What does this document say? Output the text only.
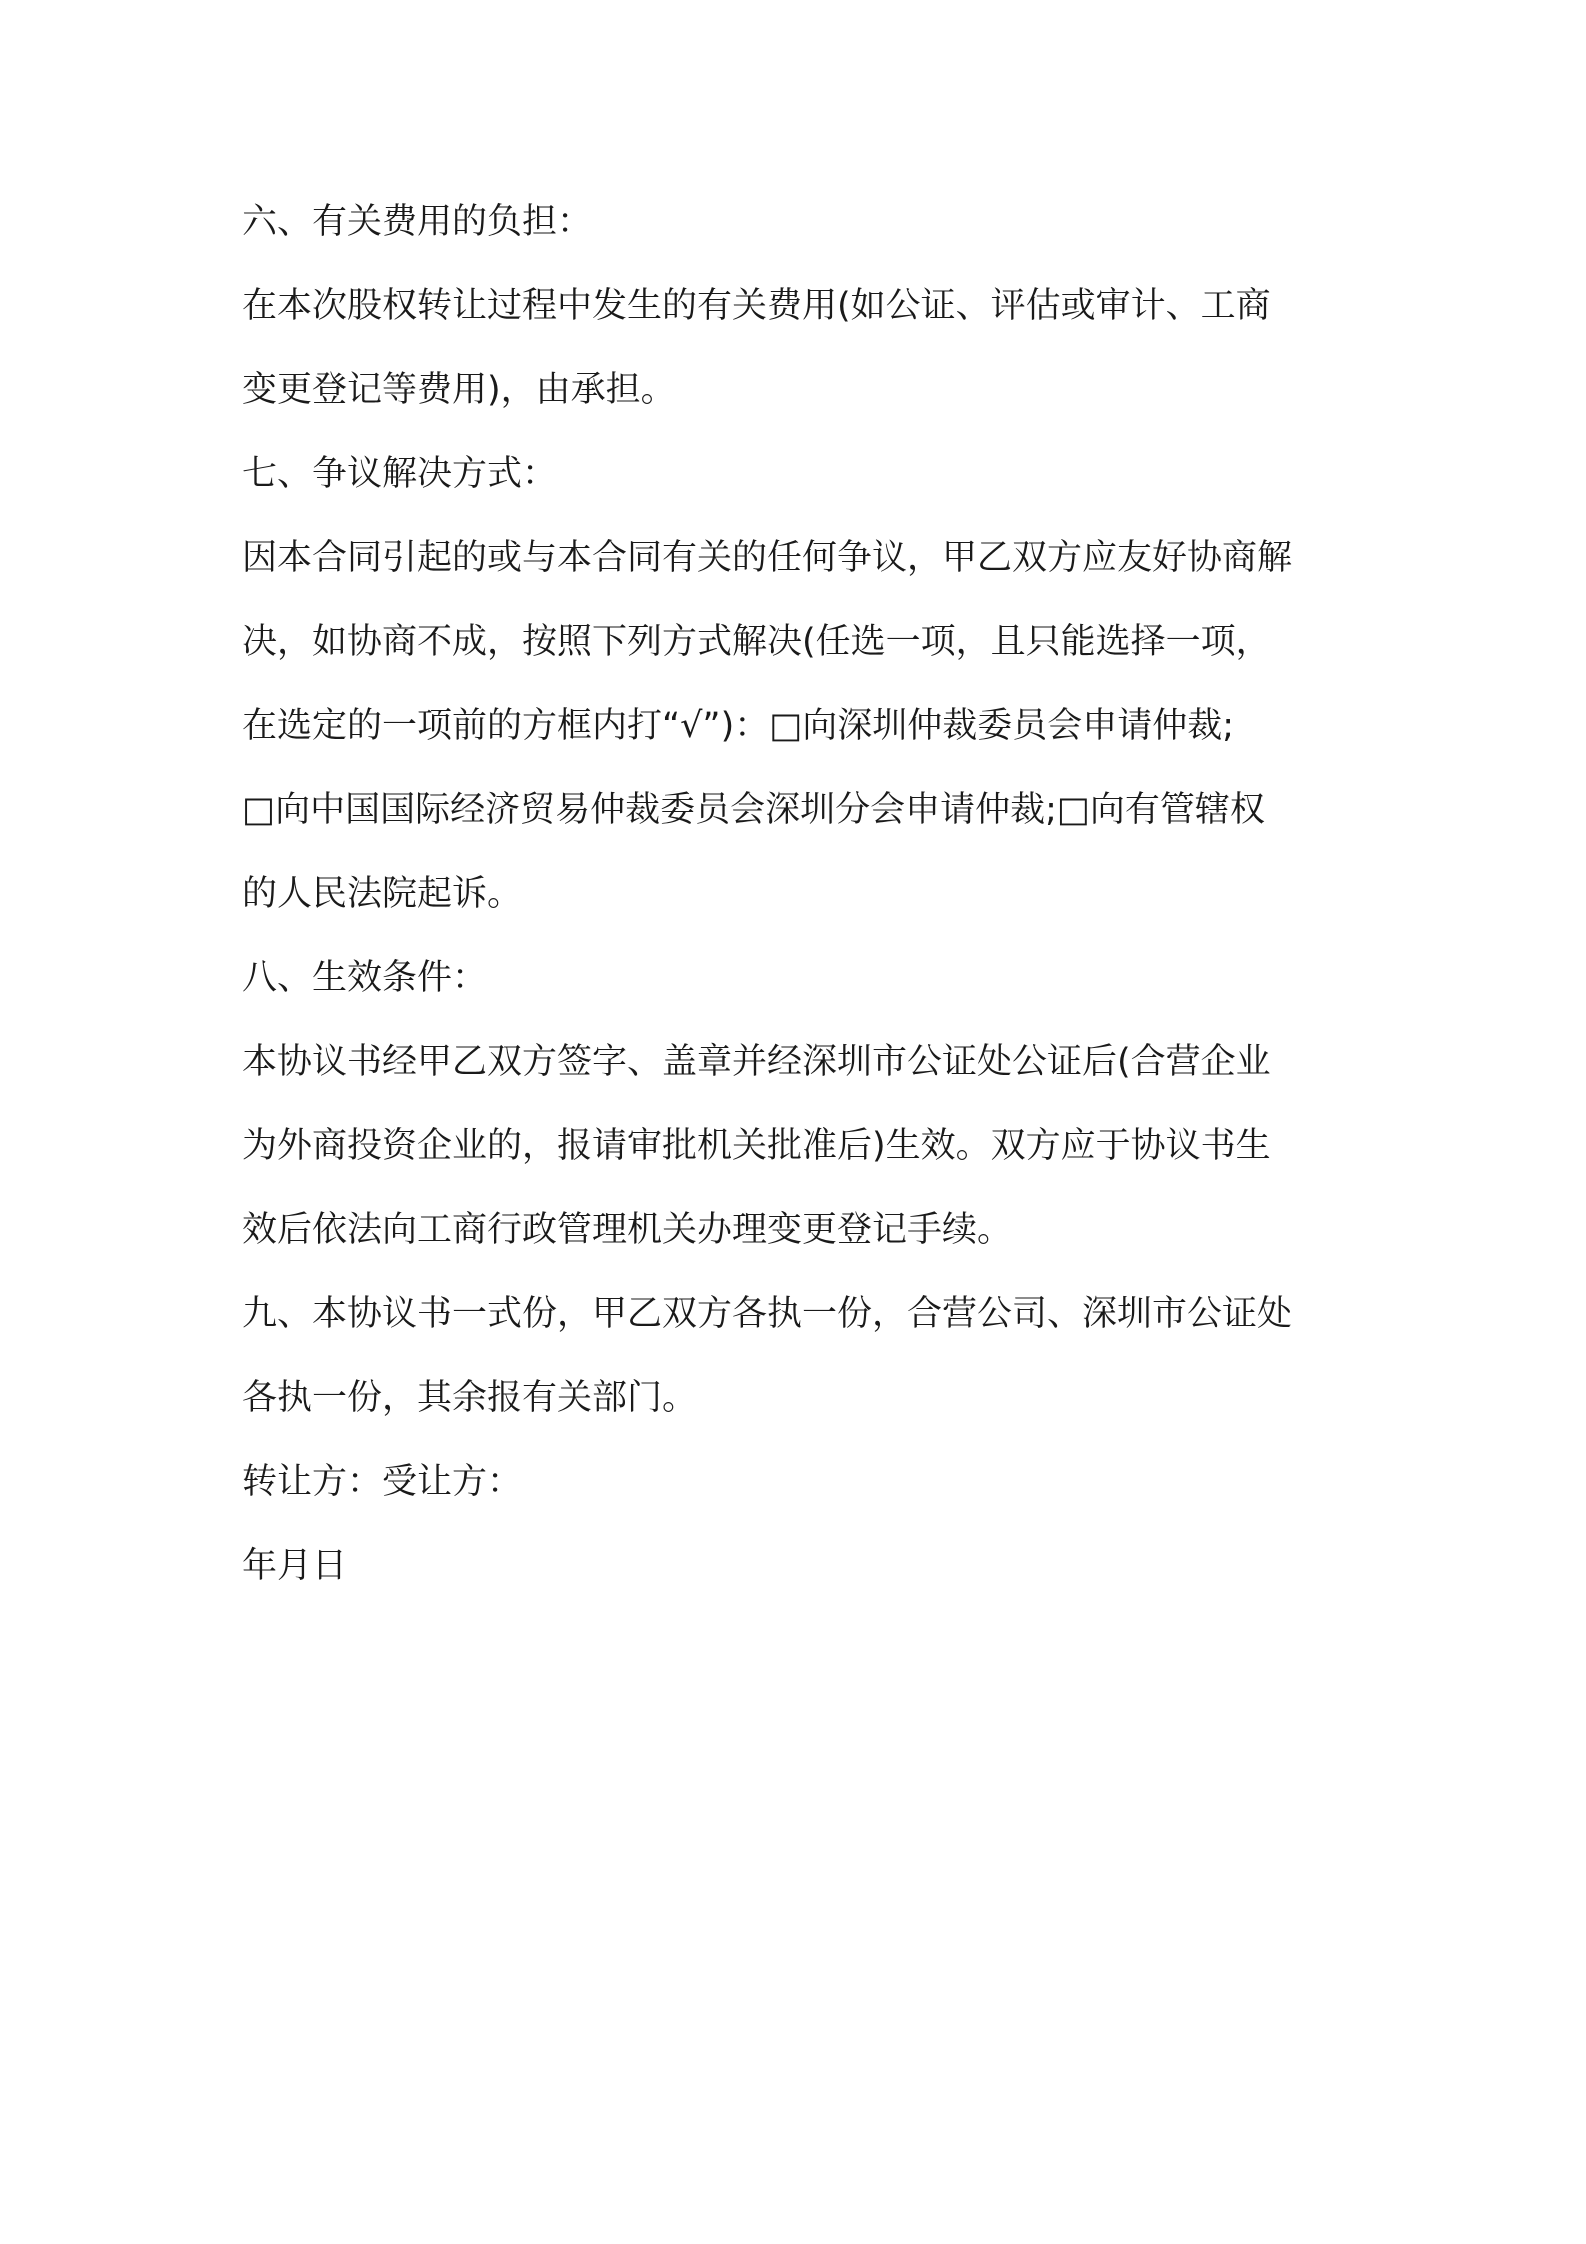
六、有关费用的负担：
在本次股权转让过程中发生的有关费用(如公证、评估或审计、工商
变更登记等费用)，由承担。
七、争议解决方式：
因本合同引起的或与本合同有关的任何争议，甲乙双方应友好协商解
决，如协商不成，按照下列方式解决(任选一项，且只能选择一项，
在选定的一项前的方框内打“√”)：□向深圳仲裁委员会申请仲裁;
□向中国国际经济贸易仲裁委员会深圳分会申请仲裁;□向有管辖权
的人民法院起诉。
八、生效条件：
本协议书经甲乙双方签字、盖章并经深圳市公证处公证后(合营企业
为外商投资企业的，报请审批机关批准后)生效。双方应于协议书生
效后依法向工商行政管理机关办理变更登记手续。
九、本协议书一式份，甲乙双方各执一份，合营公司、深圳市公证处
各执一份，其余报有关部门。
转让方：受让方：
年月日
